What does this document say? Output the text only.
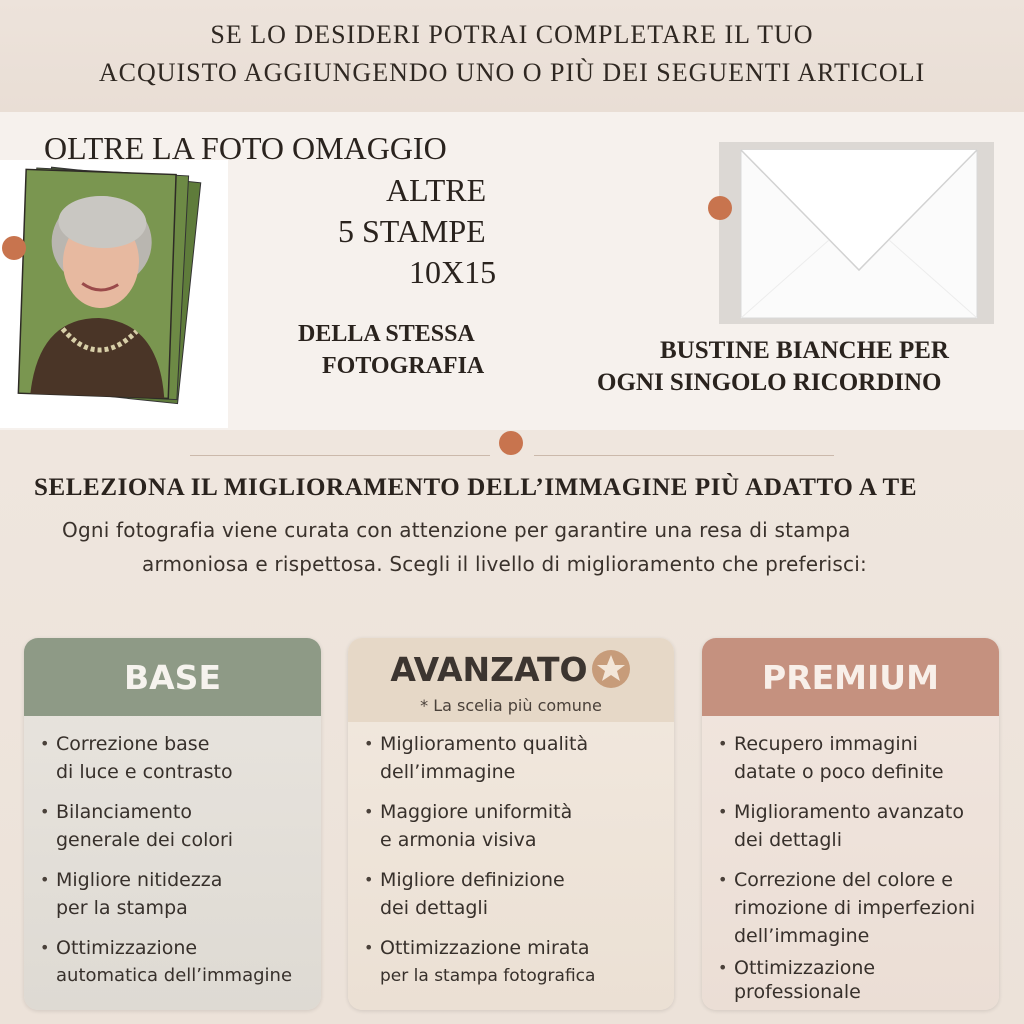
SE LO DESIDERI POTRAI COMPLETARE IL TUO
ACQUISTO AGGIUNGENDO UNO O PIÙ DEI SEGUENTI ARTICOLI
OLTRE LA FOTO OMAGGIO
ALTRE
5 STAMPE
10X15
DELLA STESSA
FOTOGRAFIA
BUSTINE BIANCHE PER
OGNI SINGOLO RICORDINO
SELEZIONA IL MIGLIORAMENTO DELL’IMMAGINE PIÙ ADATTO A TE
Ogni fotografia viene curata con attenzione per garantire una resa di stampa
armoniosa e rispettosa. Scegli il livello di miglioramento che preferisci:
BASE
• Correzione base
di luce e contrasto
• Bilanciamento
generale dei colori
• Migliore nitidezza
per la stampa
• Ottimizzazione
automatica dell’immagine
AVANZATO
* La scelia più comune
• Miglioramento qualità
dell’immagine
• Maggiore uniformità
e armonia visiva
• Migliore definizione
dei dettagli
• Ottimizzazione mirata
per la stampa fotografica
PREMIUM
• Recupero immagini
datate o poco definite
• Miglioramento avanzato
dei dettagli
• Correzione del colore e
rimozione di imperfezioni
dell’immagine
• Ottimizzazione
professionale
